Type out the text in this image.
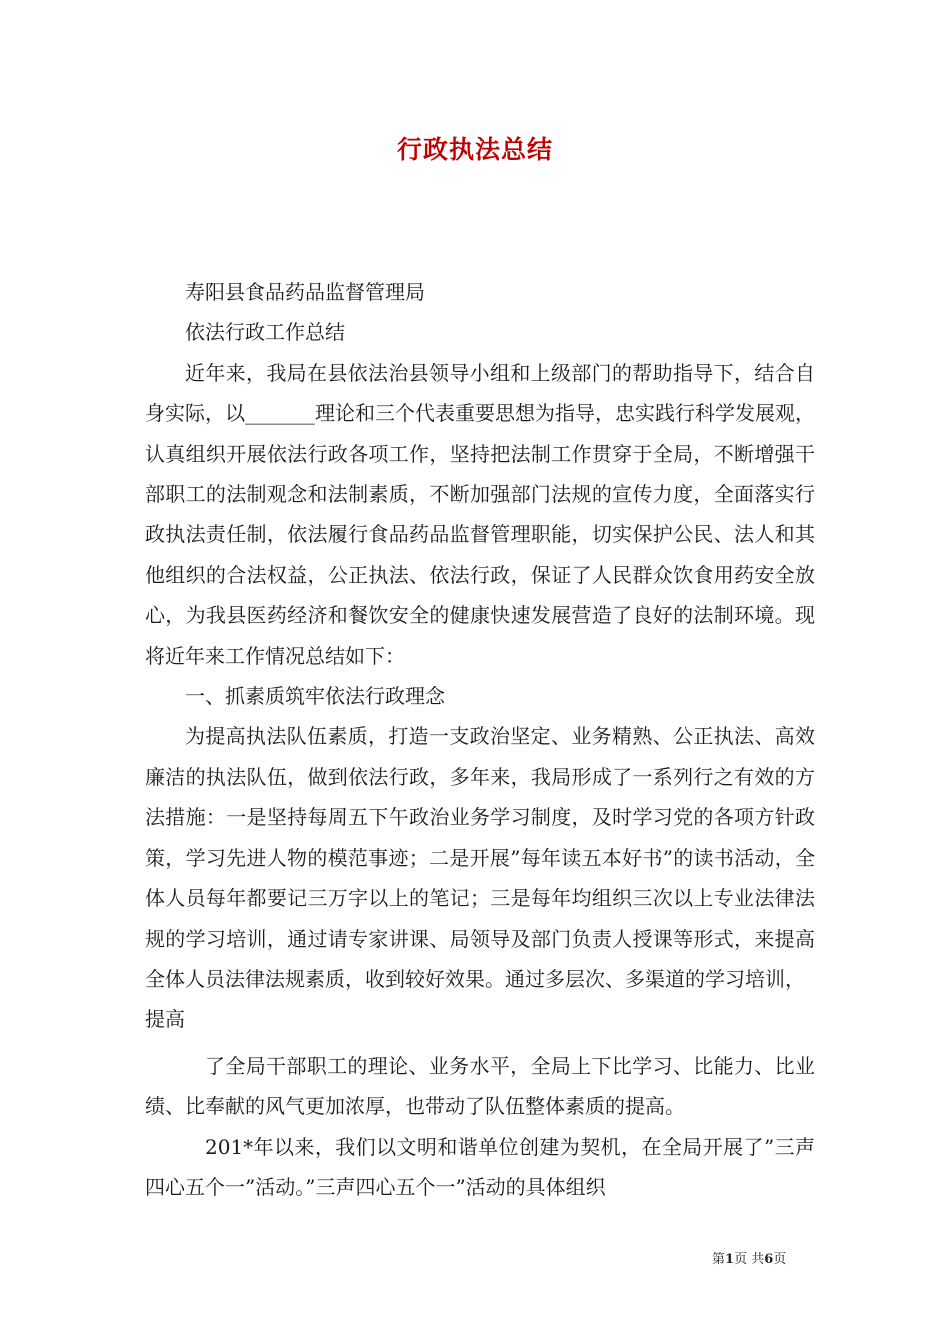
行政执法总结

寿阳县食品药品监督管理局

依法行政工作总结

近年来，我局在县依法治县领导小组和上级部门的帮助指导下，结合自身实际，以_______理论和三个代表重要思想为指导，忠实践行科学发展观，认真组织开展依法行政各项工作，坚持把法制工作贯穿于全局，不断增强干部职工的法制观念和法制素质，不断加强部门法规的宣传力度，全面落实行政执法责任制，依法履行食品药品监督管理职能，切实保护公民、法人和其他组织的合法权益，公正执法、依法行政，保证了人民群众饮食用药安全放心，为我县医药经济和餐饮安全的健康快速发展营造了良好的法制环境。现将近年来工作情况总结如下：

一、抓素质筑牢依法行政理念

为提高执法队伍素质，打造一支政治坚定、业务精熟、公正执法、高效廉洁的执法队伍，做到依法行政，多年来，我局形成了一系列行之有效的方法措施：一是坚持每周五下午政治业务学习制度，及时学习党的各项方针政策，学习先进人物的模范事迹；二是开展”每年读五本好书”的读书活动，全体人员每年都要记三万字以上的笔记；三是每年均组织三次以上专业法律法规的学习培训，通过请专家讲课、局领导及部门负责人授课等形式，来提高全体人员法律法规素质，收到较好效果。通过多层次、多渠道的学习培训，

提高

了全局干部职工的理论、业务水平，全局上下比学习、比能力、比业绩、比奉献的风气更加浓厚，也带动了队伍整体素质的提高。

201*年以来，我们以文明和谐单位创建为契机，在全局开展了”三声四心五个一”活动。”三声四心五个一”活动的具体组织

第1页 共6页
